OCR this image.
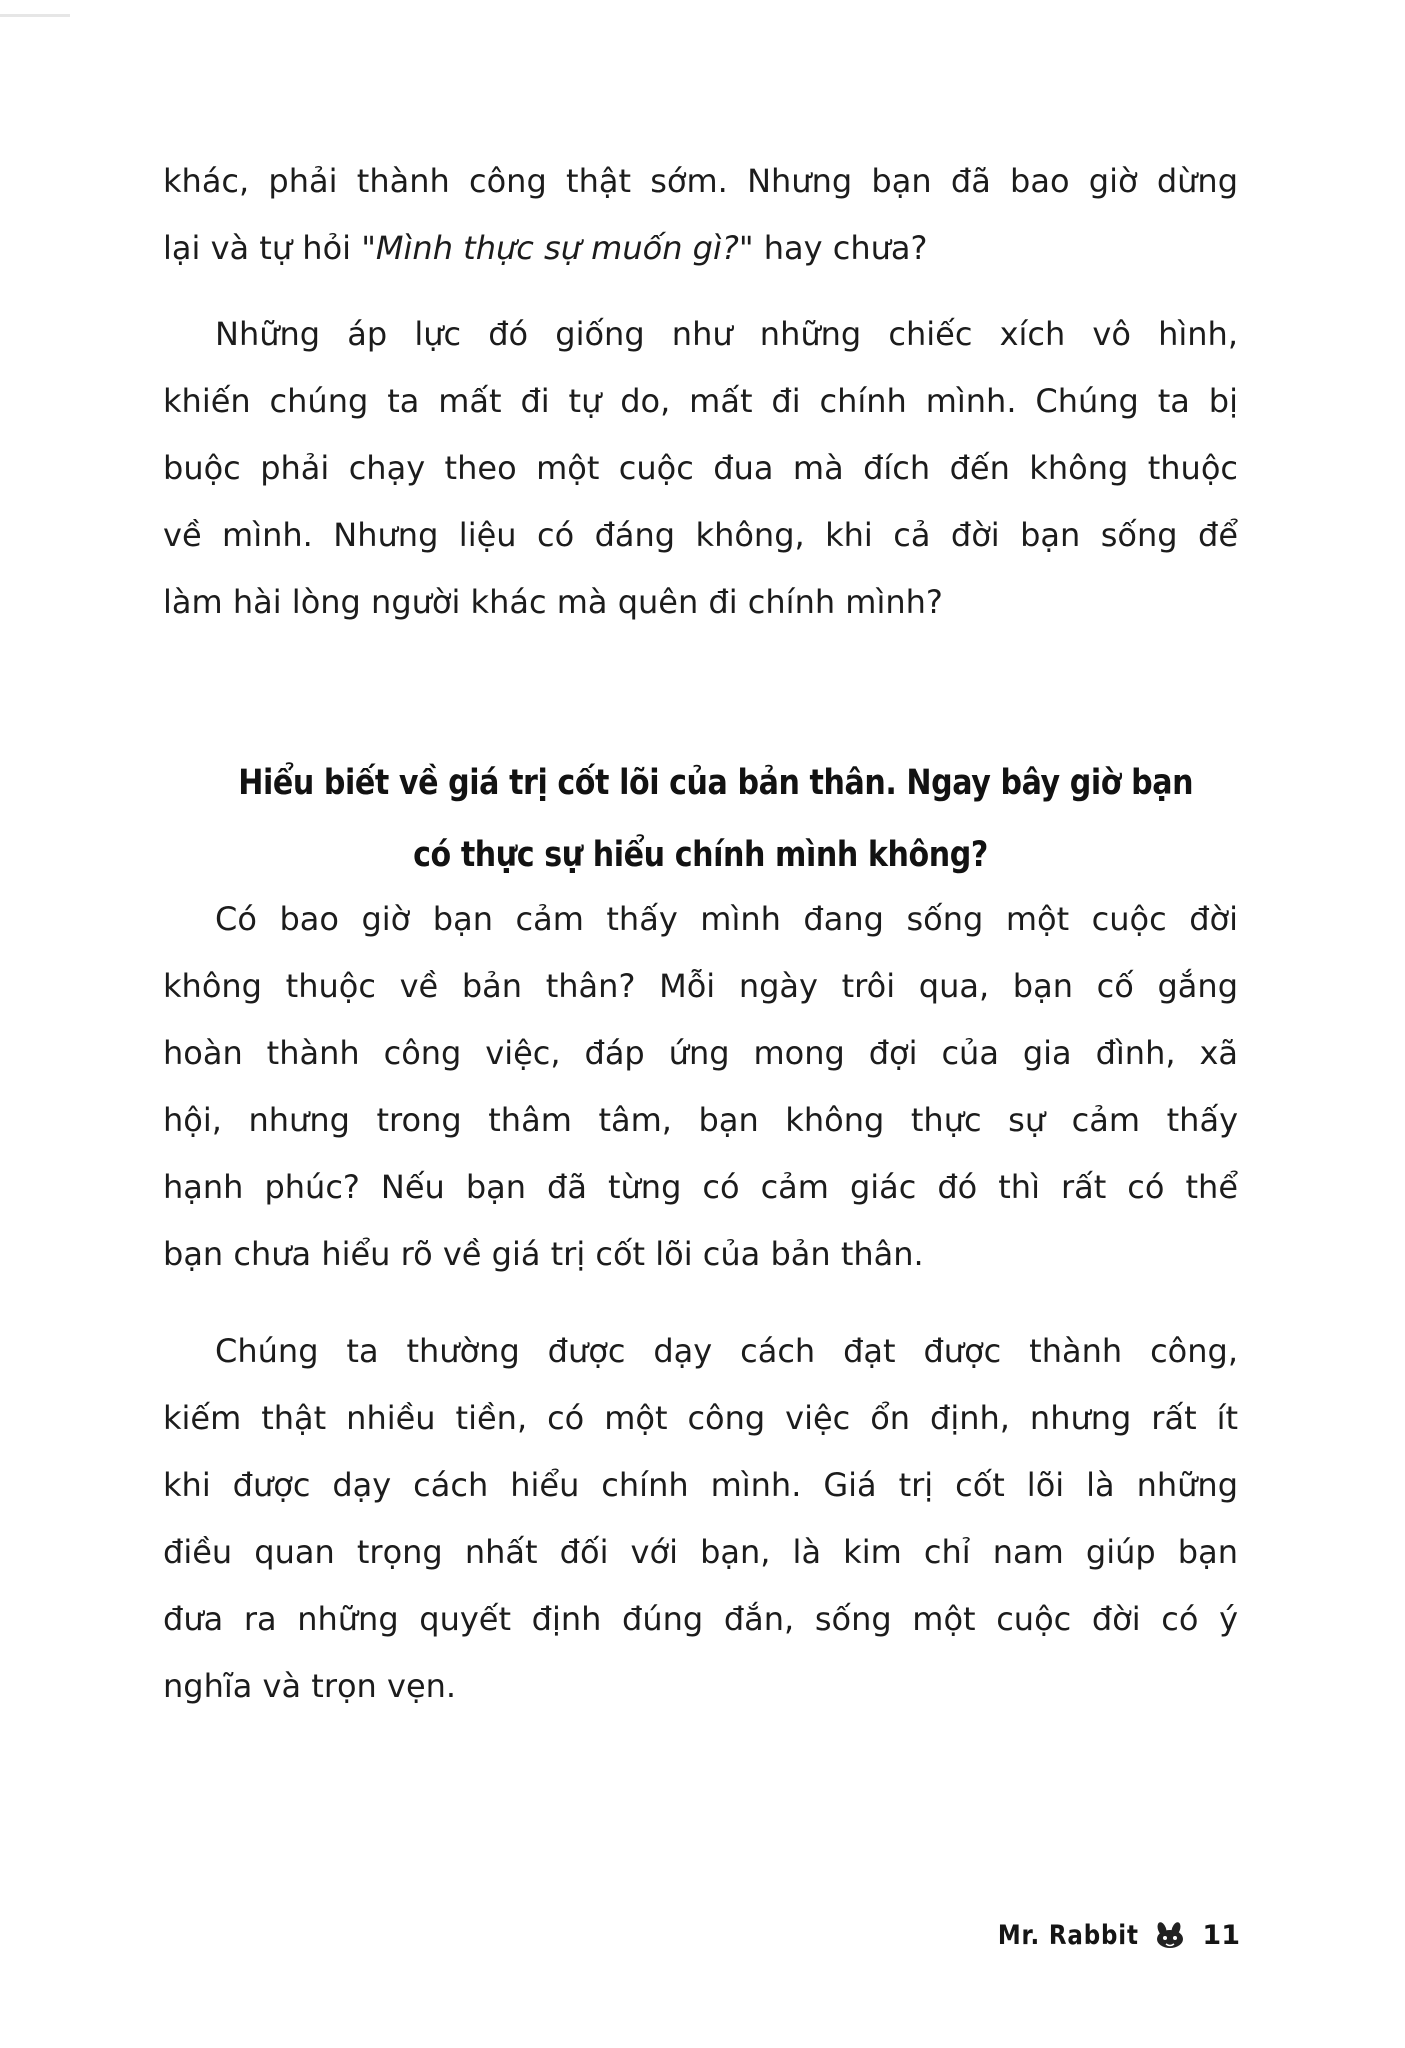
khác, phải thành công thật sớm. Nhưng bạn đã bao giờ dừng
lại và tự hỏi "Mình thực sự muốn gì?" hay chưa?

Những áp lực đó giống như những chiếc xích vô hình,
khiến chúng ta mất đi tự do, mất đi chính mình. Chúng ta bị
buộc phải chạy theo một cuộc đua mà đích đến không thuộc
về mình. Nhưng liệu có đáng không, khi cả đời bạn sống để
làm hài lòng người khác mà quên đi chính mình?

Hiểu biết về giá trị cốt lõi của bản thân. Ngay bây giờ bạn
có thực sự hiểu chính mình không?

Có bao giờ bạn cảm thấy mình đang sống một cuộc đời
không thuộc về bản thân? Mỗi ngày trôi qua, bạn cố gắng
hoàn thành công việc, đáp ứng mong đợi của gia đình, xã
hội, nhưng trong thâm tâm, bạn không thực sự cảm thấy
hạnh phúc? Nếu bạn đã từng có cảm giác đó thì rất có thể
bạn chưa hiểu rõ về giá trị cốt lõi của bản thân.

Chúng ta thường được dạy cách đạt được thành công,
kiếm thật nhiều tiền, có một công việc ổn định, nhưng rất ít
khi được dạy cách hiểu chính mình. Giá trị cốt lõi là những
điều quan trọng nhất đối với bạn, là kim chỉ nam giúp bạn
đưa ra những quyết định đúng đắn, sống một cuộc đời có ý
nghĩa và trọn vẹn.

Mr. Rabbit 11
